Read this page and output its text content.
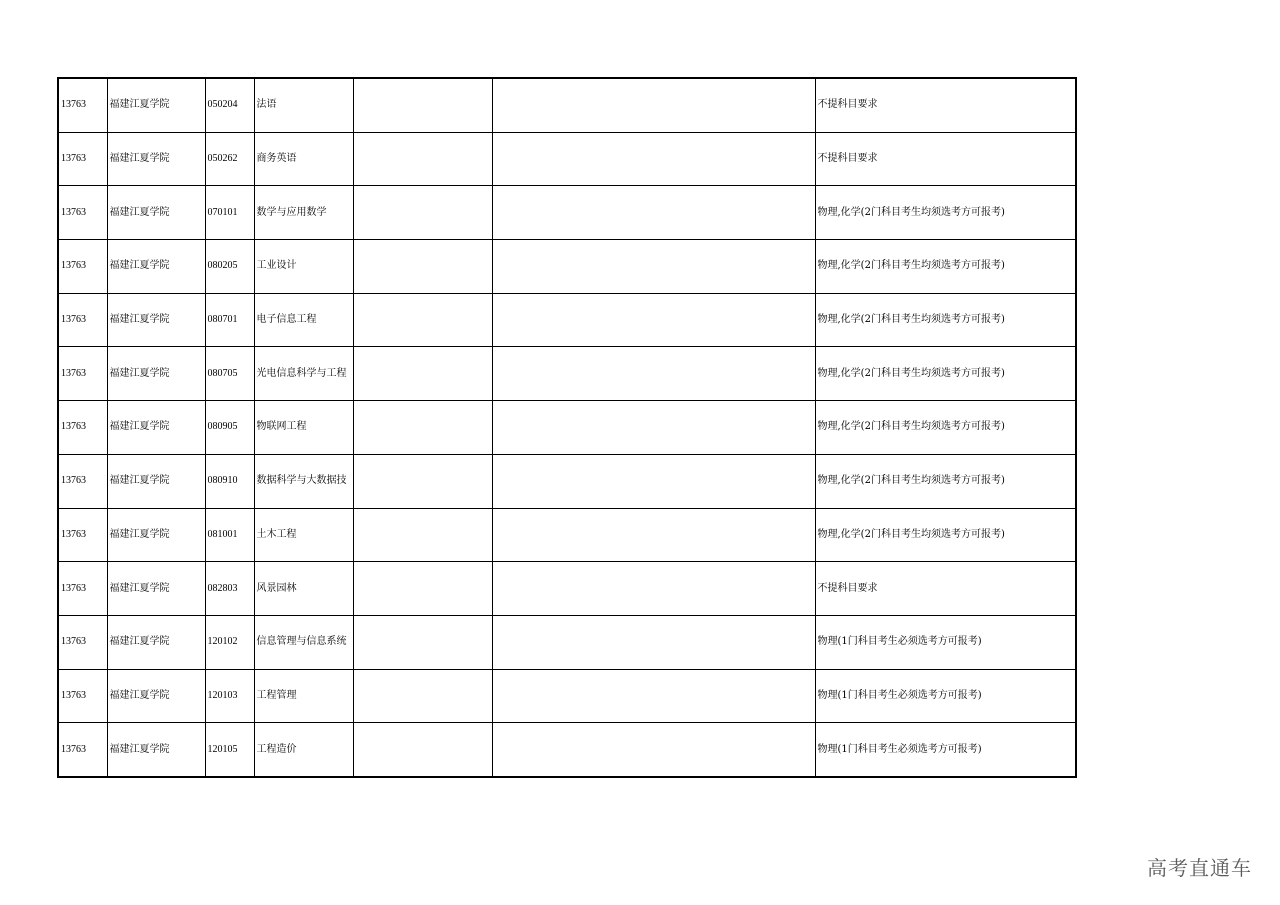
13763	福建江夏学院	050204	法语			不提科目要求
13763	福建江夏学院	050262	商务英语			不提科目要求
13763	福建江夏学院	070101	数学与应用数学			物理,化学(2门科目考生均须选考方可报考)
13763	福建江夏学院	080205	工业设计			物理,化学(2门科目考生均须选考方可报考)
13763	福建江夏学院	080701	电子信息工程			物理,化学(2门科目考生均须选考方可报考)
13763	福建江夏学院	080705	光电信息科学与工程			物理,化学(2门科目考生均须选考方可报考)
13763	福建江夏学院	080905	物联网工程			物理,化学(2门科目考生均须选考方可报考)
13763	福建江夏学院	080910	数据科学与大数据技			物理,化学(2门科目考生均须选考方可报考)
13763	福建江夏学院	081001	土木工程			物理,化学(2门科目考生均须选考方可报考)
13763	福建江夏学院	082803	风景园林			不提科目要求
13763	福建江夏学院	120102	信息管理与信息系统			物理(1门科目考生必须选考方可报考)
13763	福建江夏学院	120103	工程管理			物理(1门科目考生必须选考方可报考)
13763	福建江夏学院	120105	工程造价			物理(1门科目考生必须选考方可报考)
高考直通车
